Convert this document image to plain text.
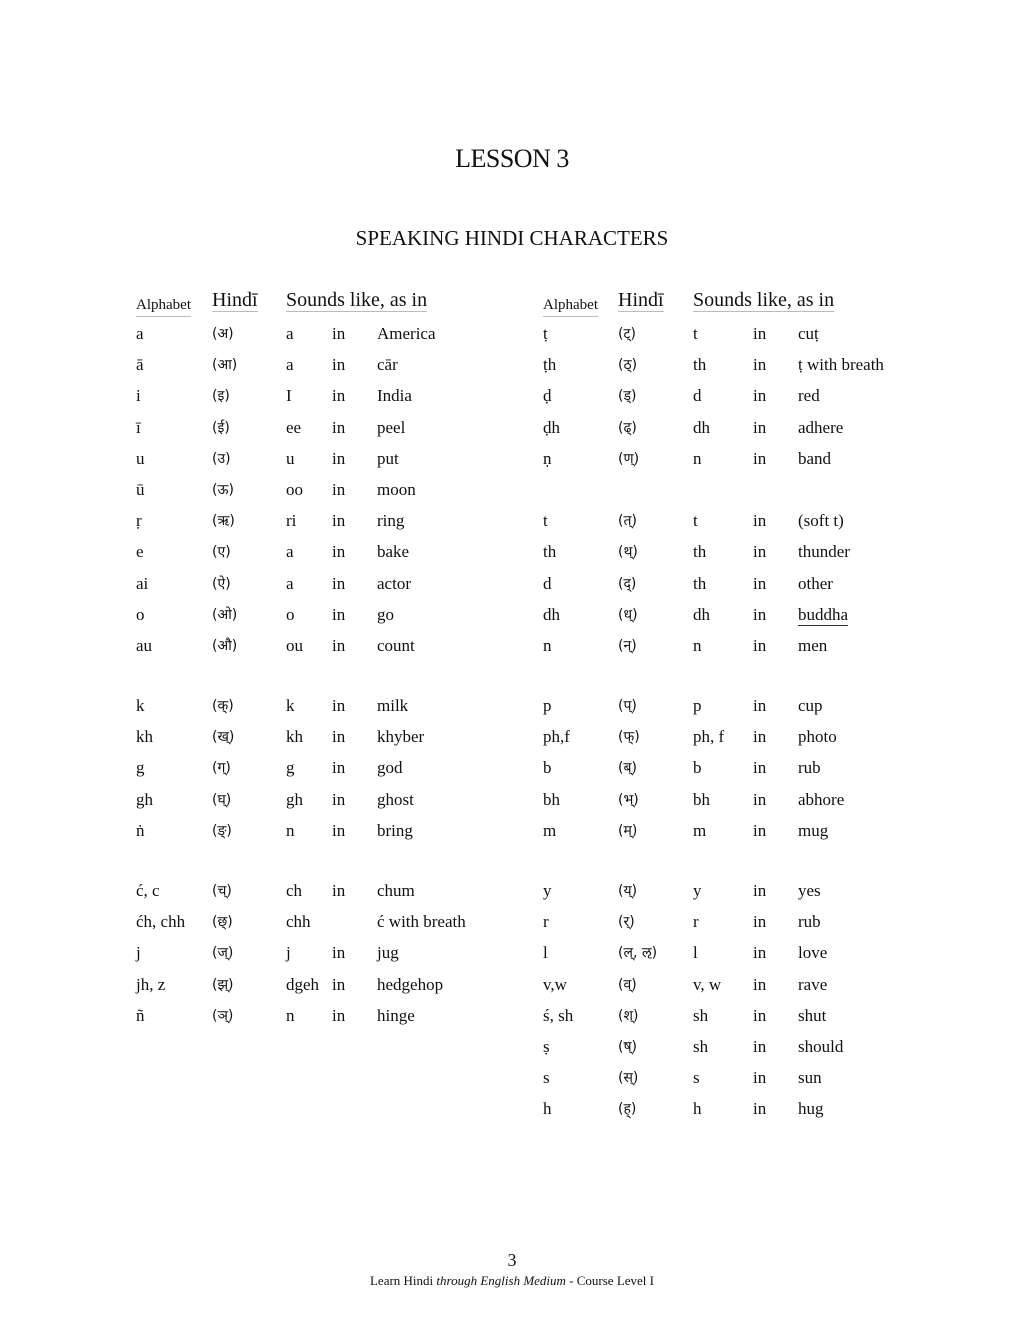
LESSON 3
SPEAKING HINDI CHARACTERS
Alphabet Hindī Sounds like, as in
a	(अ)	a in America
ā	(आ)	a in cār
i	(इ)	I in India
ī	(ई)	ee in peel
u	(उ)	u in put
ū	(ऊ)	oo in moon
ṛ	(ऋ)	ri in ring
e	(ए)	a in bake
ai	(ऐ)	a in actor
o	(ओ)	o in go
au	(औ)	ou in count
k	(क्)	k in milk
kh	(ख्)	kh in khyber
g	(ग्)	g in god
gh	(घ्)	gh in ghost
ṅ	(ङ्)	n in bring
ć, c	(च्)	ch in chum
ćh, chh (छ्)	chh	ć with breath
j	(ज्)	j in jug
jh, z	(झ्)	dgeh in hedgehop
ñ	(ञ्)	n in hinge
Alphabet Hindī Sounds like, as in
ṭ	(ट्)	t	in cuṭ
ṭh	(ठ्)	th	in ṭ with breath
ḍ	(ड्)	d	in red
ḍh	(ढ्)	dh	in adhere
ṇ	(ण्)	n	in band
t	(त्)	t	in (soft t)
th	(थ्)	th	in thunder
d	(द्)	th	in other
dh	(ध्)	dh	in buddha
n	(न्)	n	in men
p	(प्)	p	in cup
ph,f	(फ्)	ph, f in photo
b	(ब्)	b	in rub
bh	(भ्)	bh	in abhore
m	(म्)	m	in mug
y	(य्)	y	in yes
r	(र्)	r	in rub
l	(ल्, ऌ) l	in love
v,w	(व्)	v, w in rave
ś, sh	(श्)	sh	in shut
ṣ	(ष्)	sh	in should
s	(स्)	s	in sun
h	(ह्)	h	in hug
3
Learn Hindi through English Medium - Course Level I
